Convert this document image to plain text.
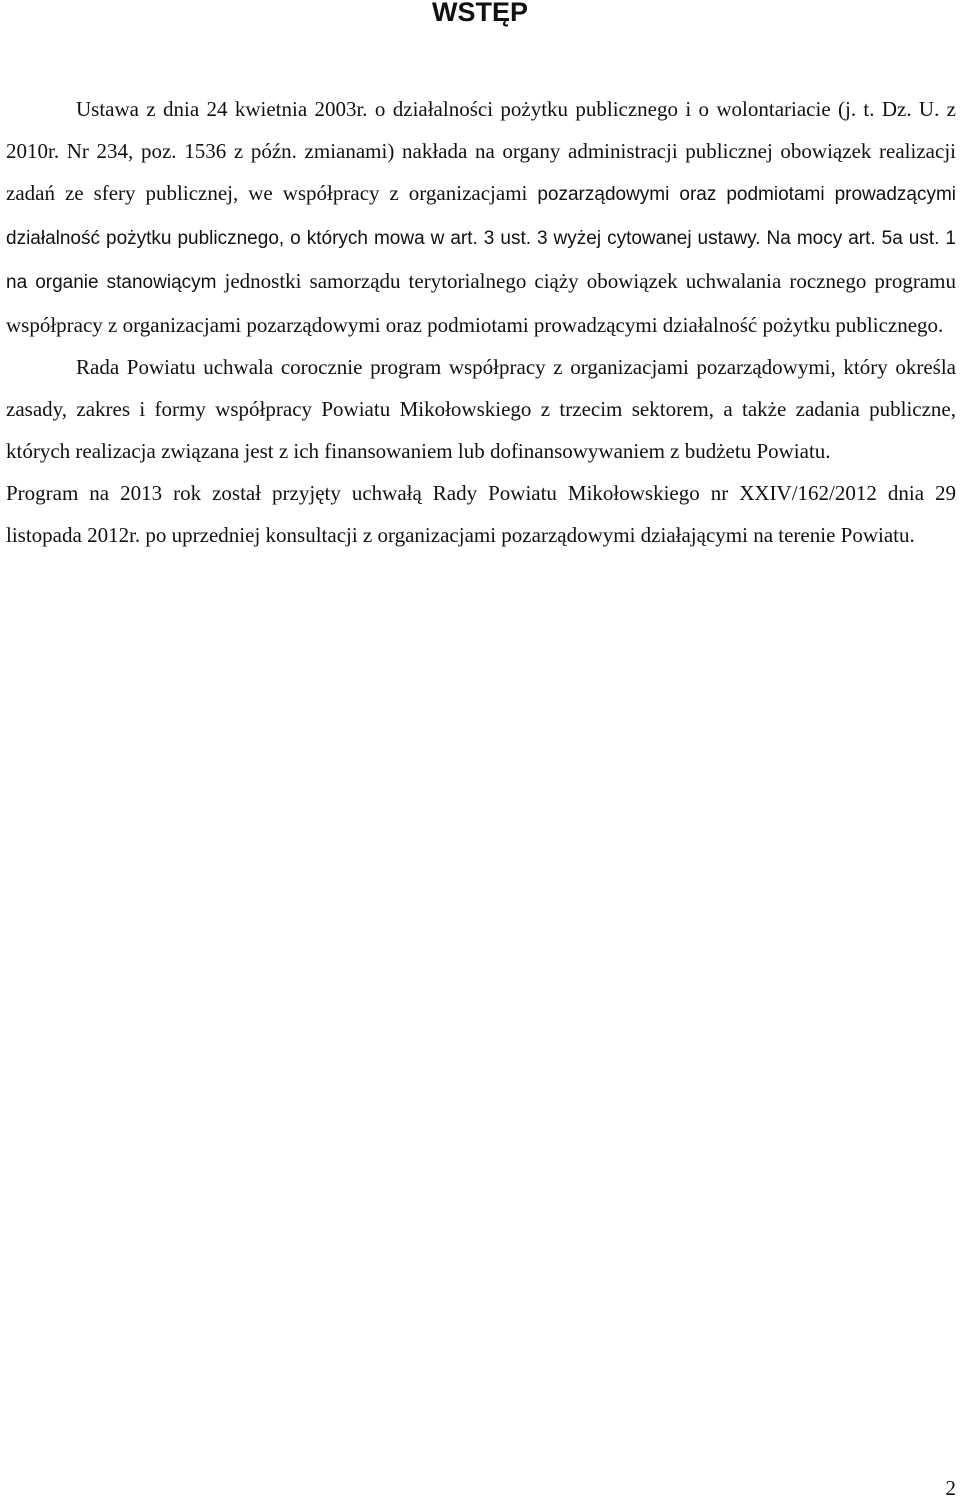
WSTĘP

Ustawa z dnia 24 kwietnia 2003r. o działalności pożytku publicznego i o wolontariacie (j. t. Dz. U. z 2010r. Nr 234, poz. 1536 z późn. zmianami) nakłada na organy administracji publicznej obowiązek realizacji zadań ze sfery publicznej, we współpracy z organizacjami pozarządowymi oraz podmiotami prowadzącymi działalność pożytku publicznego, o których mowa w art. 3 ust. 3 wyżej cytowanej ustawy. Na mocy art. 5a ust. 1 na organie stanowiącym jednostki samorządu terytorialnego ciąży obowiązek uchwalania rocznego programu współpracy z organizacjami pozarządowymi oraz podmiotami prowadzącymi działalność pożytku publicznego.

Rada Powiatu uchwala corocznie program współpracy z organizacjami pozarządowymi, który określa zasady, zakres i formy współpracy Powiatu Mikołowskiego z trzecim sektorem, a także zadania publiczne, których realizacja związana jest z ich finansowaniem lub dofinansowywaniem z budżetu Powiatu.

Program na 2013 rok został przyjęty uchwałą Rady Powiatu Mikołowskiego nr XXIV/162/2012 dnia 29 listopada 2012r. po uprzedniej konsultacji z organizacjami pozarządowymi działającymi na terenie Powiatu.

2
